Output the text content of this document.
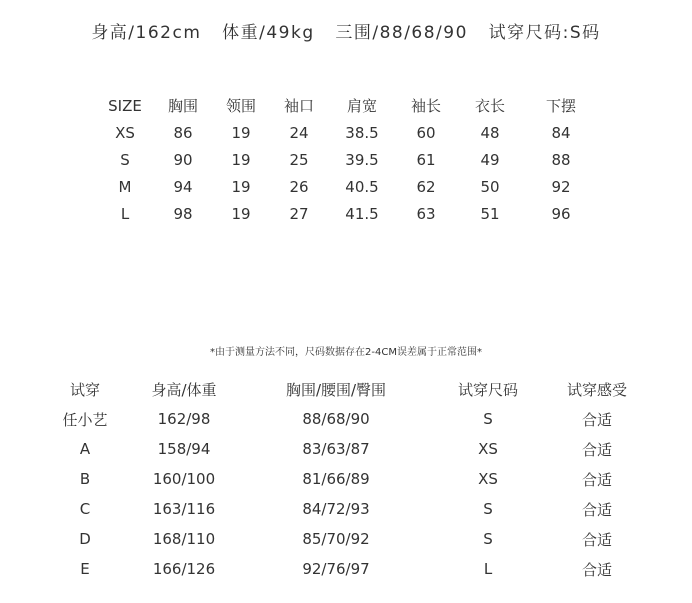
身高/162cm 体重/49kg 三围/88/68/90 试穿尺码:S码
SIZE	胸围	领围	袖口	肩宽	袖长	衣长	下摆
XS	86	19	24	38.5	60	48	84
S	90	19	25	39.5	61	49	88
M	94	19	26	40.5	62	50	92
L	98	19	27	41.5	63	51	96
*由于测量方法不同，尺码数据存在2-4CM误差属于正常范围*
试穿	身高/体重	胸围/腰围/臀围	试穿尺码	试穿感受
任小艺	162/98	88/68/90	S	合适
A	158/94	83/63/87	XS	合适
B	160/100	81/66/89	XS	合适
C	163/116	84/72/93	S	合适
D	168/110	85/70/92	S	合适
E	166/126	92/76/97	L	合适
